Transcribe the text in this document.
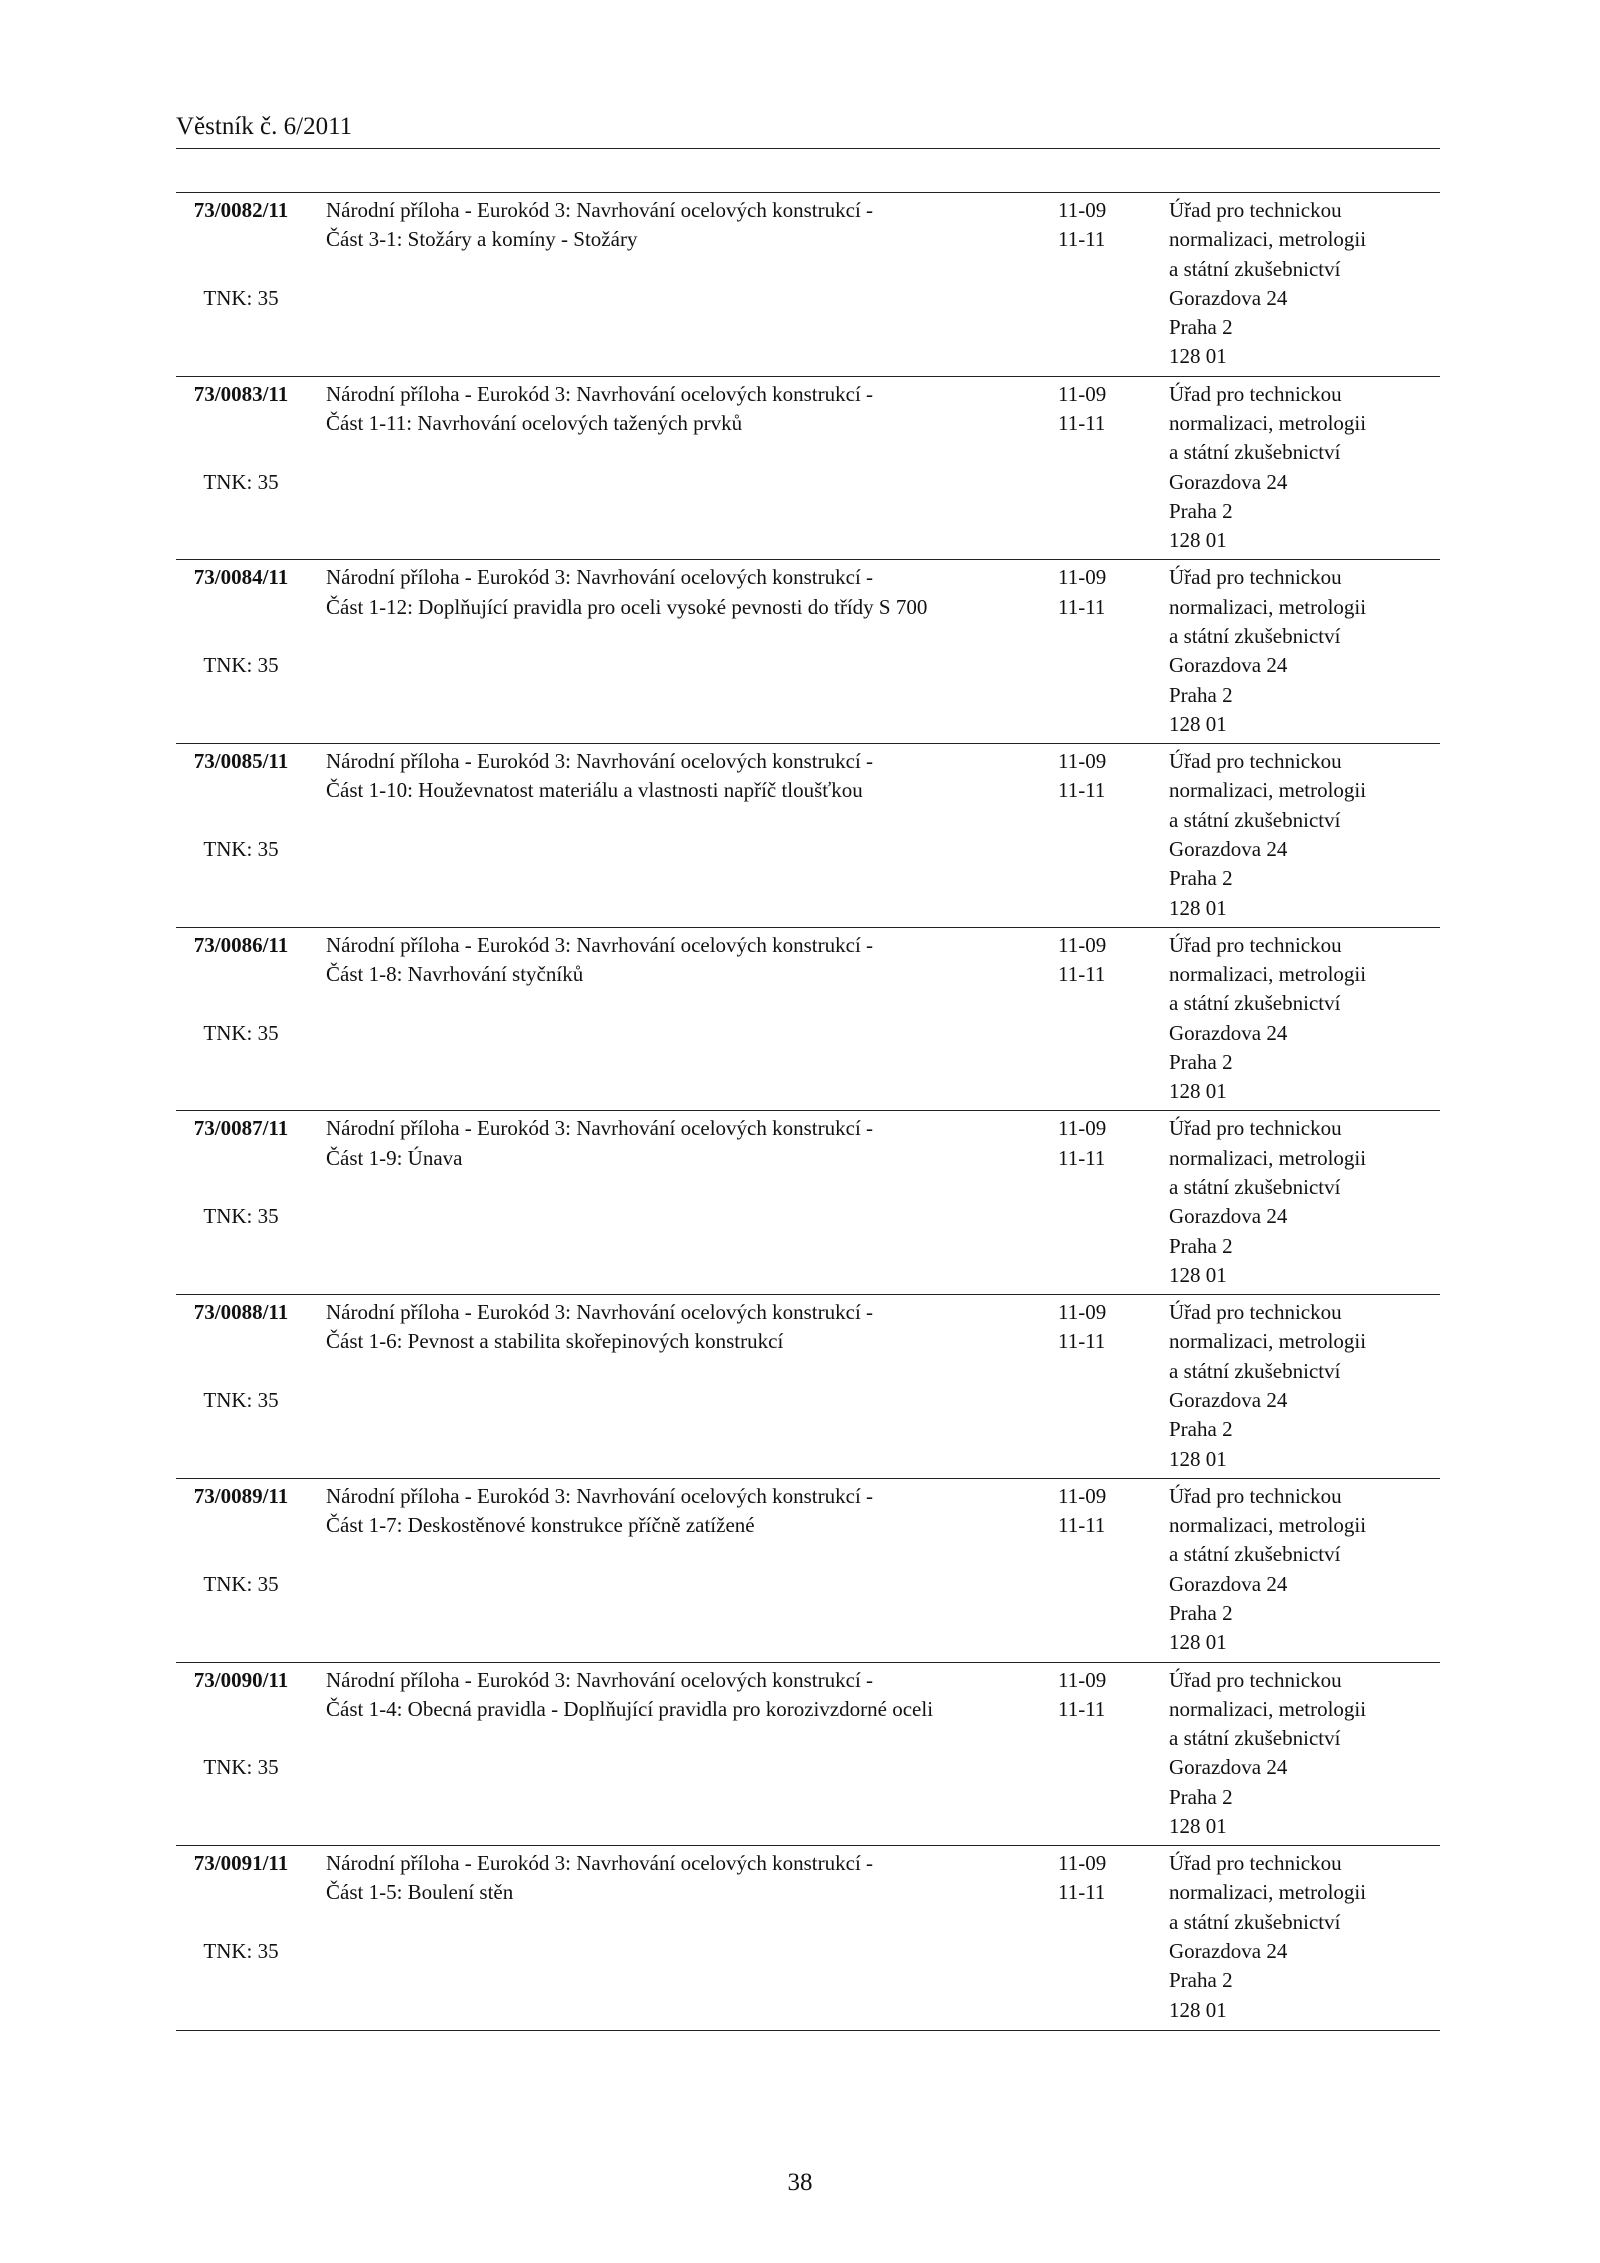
Věstník č. 6/2011
73/0082/11
TNK: 35
Národní příloha - Eurokód 3: Navrhování ocelových konstrukcí -
Část 3-1: Stožáry a komíny - Stožáry
11-09
11-11
Úřad pro technickou
normalizaci, metrologii
a státní zkušebnictví
Gorazdova 24
Praha 2
128 01
73/0083/11
TNK: 35
Národní příloha - Eurokód 3: Navrhování ocelových konstrukcí -
Část 1-11: Navrhování ocelových tažených prvků
11-09
11-11
Úřad pro technickou
normalizaci, metrologii
a státní zkušebnictví
Gorazdova 24
Praha 2
128 01
73/0084/11
TNK: 35
Národní příloha - Eurokód 3: Navrhování ocelových konstrukcí -
Část 1-12: Doplňující pravidla pro oceli vysoké pevnosti do třídy S 700
11-09
11-11
Úřad pro technickou
normalizaci, metrologii
a státní zkušebnictví
Gorazdova 24
Praha 2
128 01
73/0085/11
TNK: 35
Národní příloha - Eurokód 3: Navrhování ocelových konstrukcí -
Část 1-10: Houževnatost materiálu a vlastnosti napříč tloušťkou
11-09
11-11
Úřad pro technickou
normalizaci, metrologii
a státní zkušebnictví
Gorazdova 24
Praha 2
128 01
73/0086/11
TNK: 35
Národní příloha - Eurokód 3: Navrhování ocelových konstrukcí -
Část 1-8: Navrhování styčníků
11-09
11-11
Úřad pro technickou
normalizaci, metrologii
a státní zkušebnictví
Gorazdova 24
Praha 2
128 01
73/0087/11
TNK: 35
Národní příloha - Eurokód 3: Navrhování ocelových konstrukcí -
Část 1-9: Únava
11-09
11-11
Úřad pro technickou
normalizaci, metrologii
a státní zkušebnictví
Gorazdova 24
Praha 2
128 01
73/0088/11
TNK: 35
Národní příloha - Eurokód 3: Navrhování ocelových konstrukcí -
Část 1-6: Pevnost a stabilita skořepinových konstrukcí
11-09
11-11
Úřad pro technickou
normalizaci, metrologii
a státní zkušebnictví
Gorazdova 24
Praha 2
128 01
73/0089/11
TNK: 35
Národní příloha - Eurokód 3: Navrhování ocelových konstrukcí -
Část 1-7: Deskostěnové konstrukce příčně zatížené
11-09
11-11
Úřad pro technickou
normalizaci, metrologii
a státní zkušebnictví
Gorazdova 24
Praha 2
128 01
73/0090/11
TNK: 35
Národní příloha - Eurokód 3: Navrhování ocelových konstrukcí -
Část 1-4: Obecná pravidla - Doplňující pravidla pro korozivzdorné oceli
11-09
11-11
Úřad pro technickou
normalizaci, metrologii
a státní zkušebnictví
Gorazdova 24
Praha 2
128 01
73/0091/11
TNK: 35
Národní příloha - Eurokód 3: Navrhování ocelových konstrukcí -
Část 1-5: Boulení stěn
11-09
11-11
Úřad pro technickou
normalizaci, metrologii
a státní zkušebnictví
Gorazdova 24
Praha 2
128 01
38
